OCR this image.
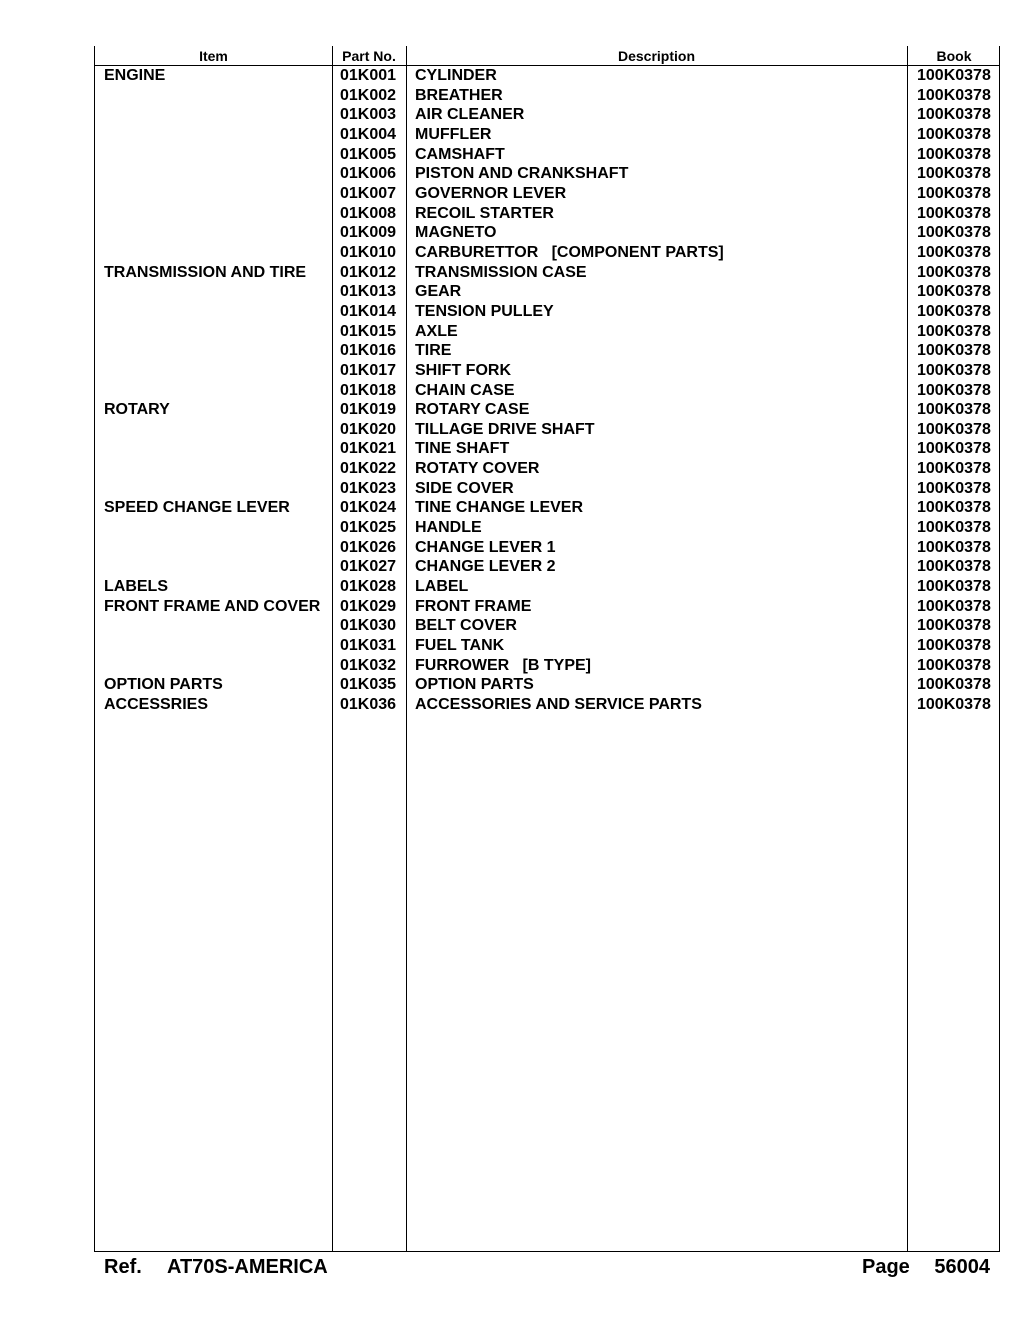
Item	Part No.	Description	Book
ENGINE	01K001 CYLINDER	100K0378
01K002 BREATHER	100K0378
01K003 AIR CLEANER	100K0378
01K004 MUFFLER	100K0378
01K005 CAMSHAFT	100K0378
01K006 PISTON AND CRANKSHAFT	100K0378
01K007 GOVERNOR LEVER	100K0378
01K008 RECOIL STARTER	100K0378
01K009 MAGNETO	100K0378
01K010 CARBURETTOR   [COMPONENT PARTS]	100K0378
TRANSMISSION AND TIRE 01K012 TRANSMISSION CASE	100K0378
01K013 GEAR	100K0378
01K014 TENSION PULLEY	100K0378
01K015 AXLE	100K0378
01K016 TIRE	100K0378
01K017 SHIFT FORK	100K0378
01K018 CHAIN CASE	100K0378
ROTARY	01K019 ROTARY CASE	100K0378
01K020 TILLAGE DRIVE SHAFT	100K0378
01K021 TINE SHAFT	100K0378
01K022 ROTATY COVER	100K0378
01K023 SIDE COVER	100K0378
SPEED CHANGE LEVER	01K024 TINE CHANGE LEVER	100K0378
01K025 HANDLE	100K0378
01K026 CHANGE LEVER 1	100K0378
01K027 CHANGE LEVER 2	100K0378
LABELS	01K028 LABEL	100K0378
FRONT FRAME AND COVER 01K029 FRONT FRAME	100K0378
01K030 BELT COVER	100K0378
01K031 FUEL TANK	100K0378
01K032 FURROWER   [B TYPE]	100K0378
OPTION PARTS	01K035 OPTION PARTS	100K0378
ACCESSRIES	01K036 ACCESSORIES AND SERVICE PARTS	100K0378
Ref. AT70S-AMERICA	Page 56004
